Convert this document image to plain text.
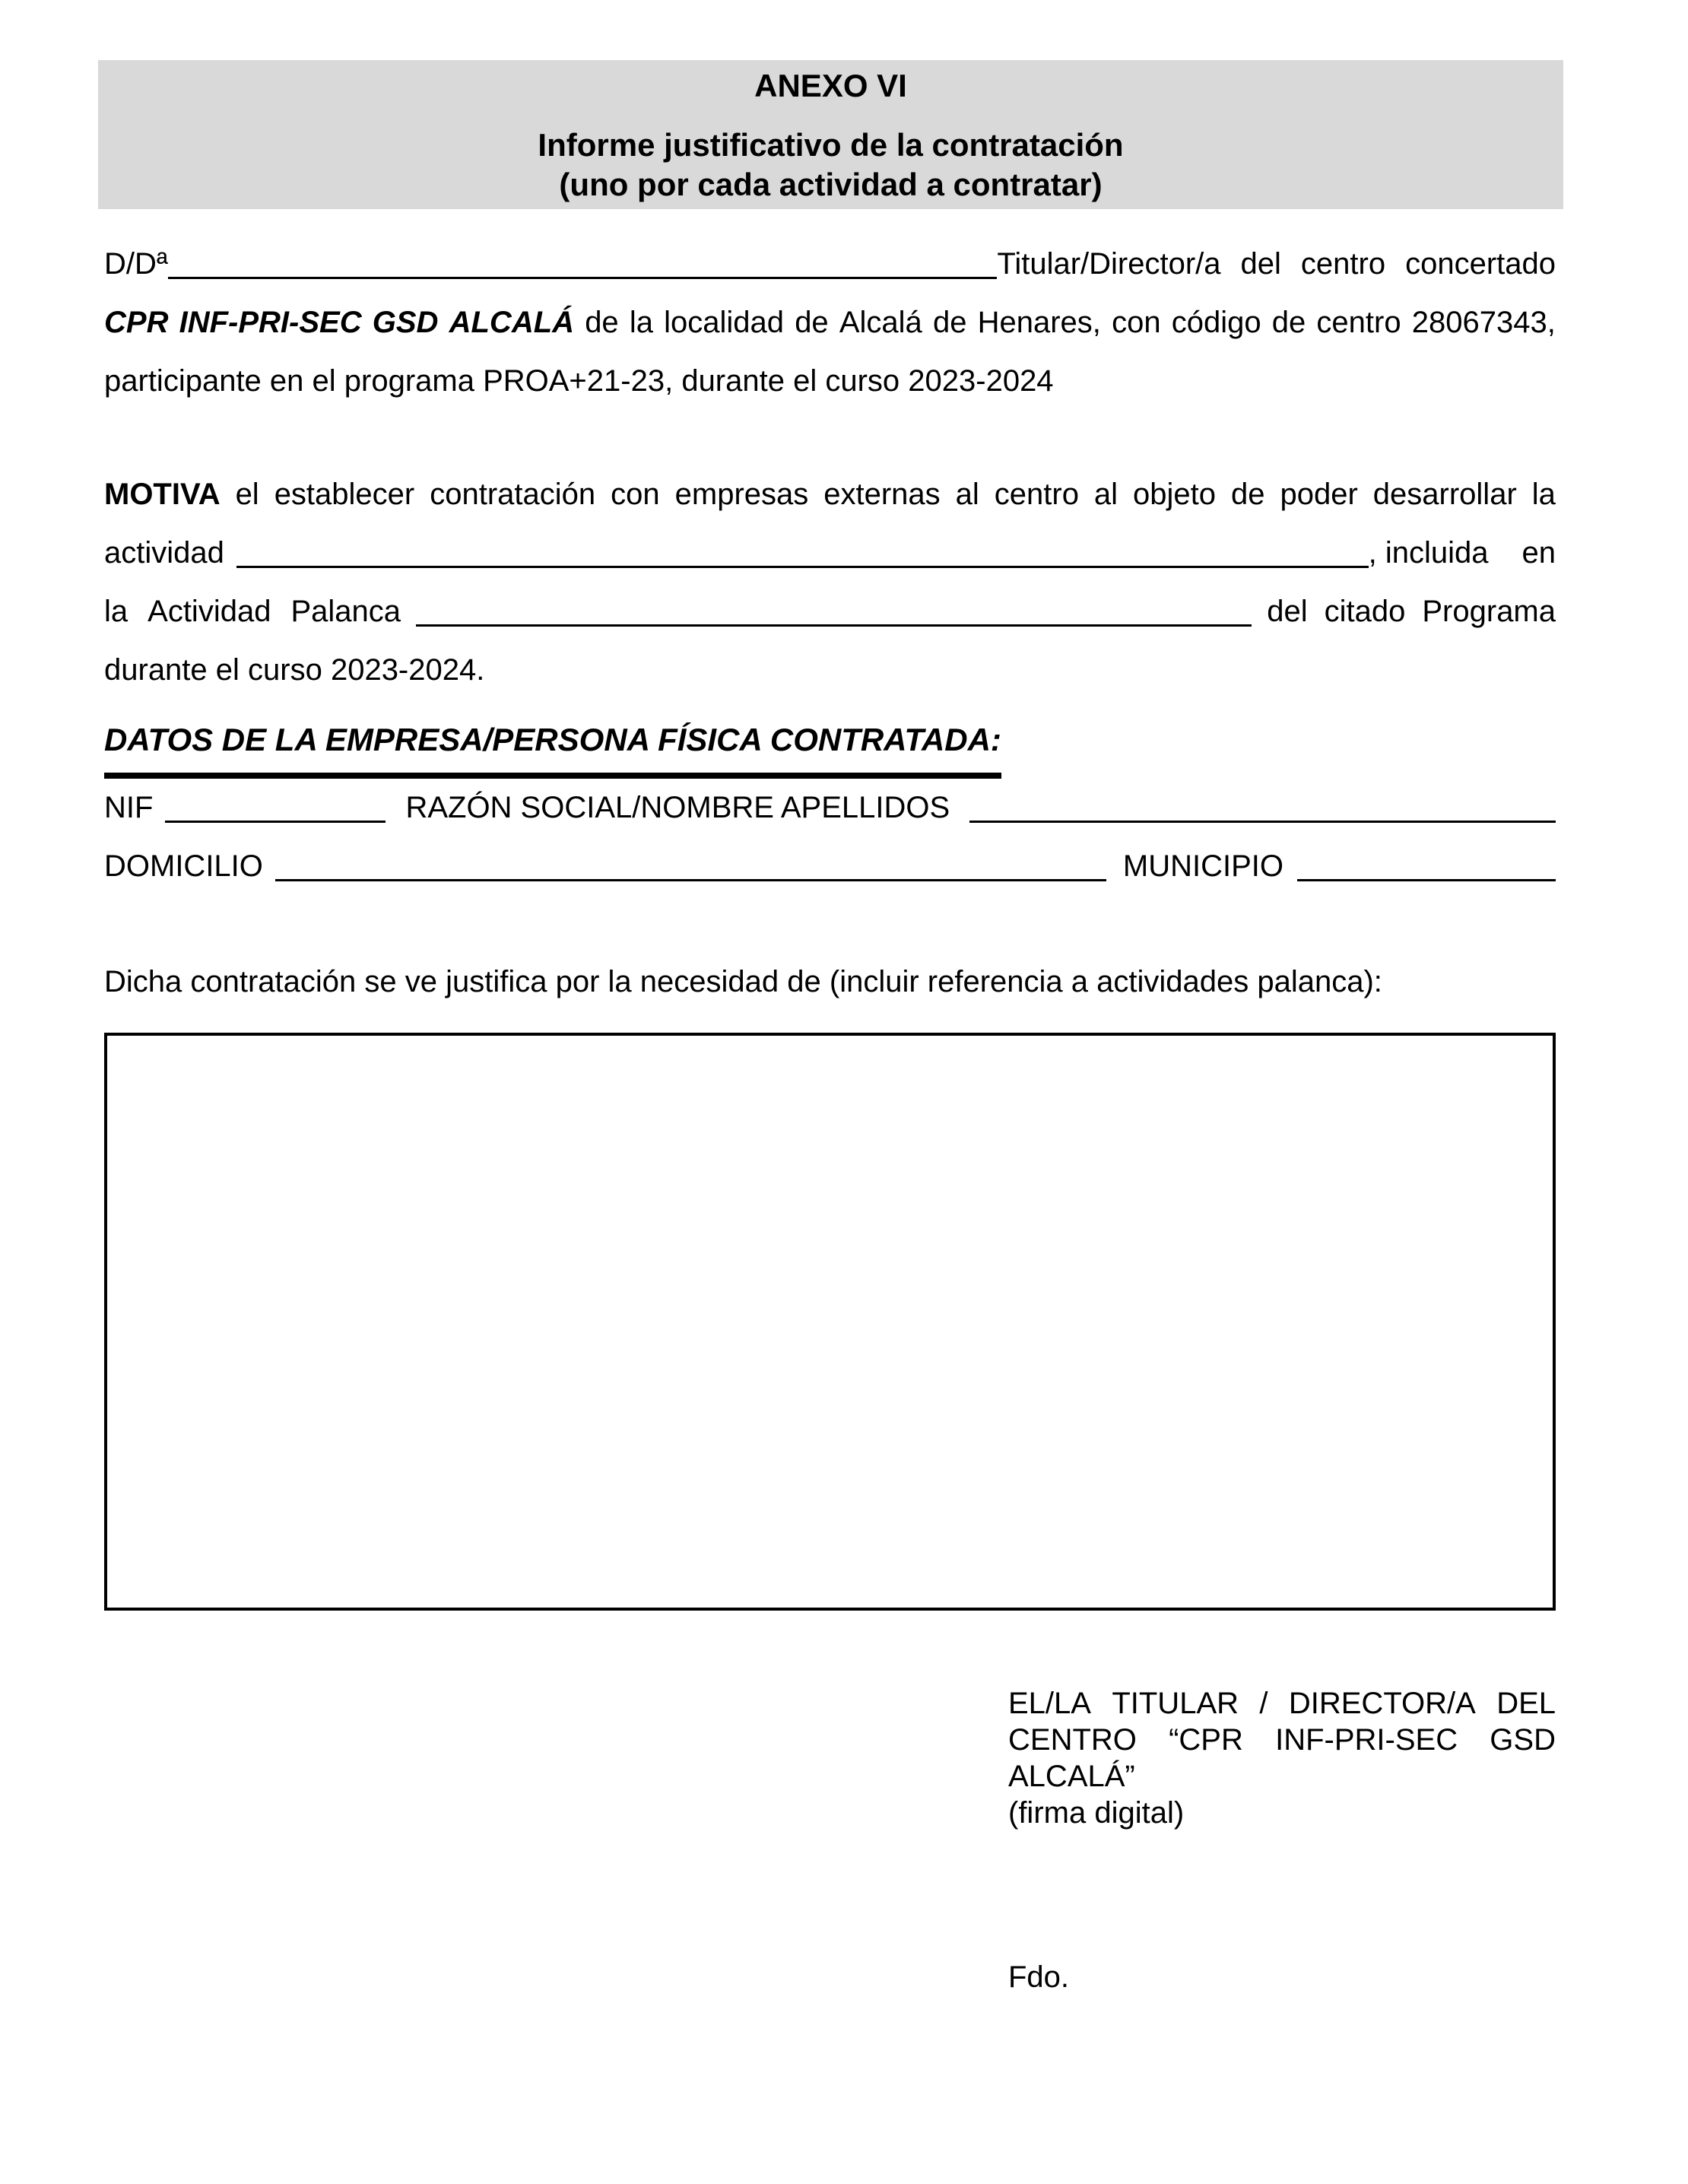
ANEXO VI
Informe justificativo de la contratación
(uno por cada actividad a contratar)
D/Dª	Titular/Director/a del centro concertado
CPR INF-PRI-SEC GSD ALCALÁ de la localidad de Alcalá de Henares, con código de centro 28067343,
participante en el programa PROA+21-23, durante el curso 2023-2024
MOTIVA el establecer contratación con empresas externas al centro al objeto de poder desarrollar la
actividad	, incluida en
la Actividad Palanca	del citado Programa
durante el curso 2023-2024.
DATOS DE LA EMPRESA/PERSONA FÍSICA CONTRATADA:
NIF	RAZÓN SOCIAL/NOMBRE APELLIDOS
DOMICILIO	MUNICIPIO
Dicha contratación se ve justifica por la necesidad de (incluir referencia a actividades palanca):
EL/LA TITULAR / DIRECTOR/A DEL
CENTRO “CPR INF-PRI-SEC GSD
ALCALÁ”
(firma digital)
Fdo.
